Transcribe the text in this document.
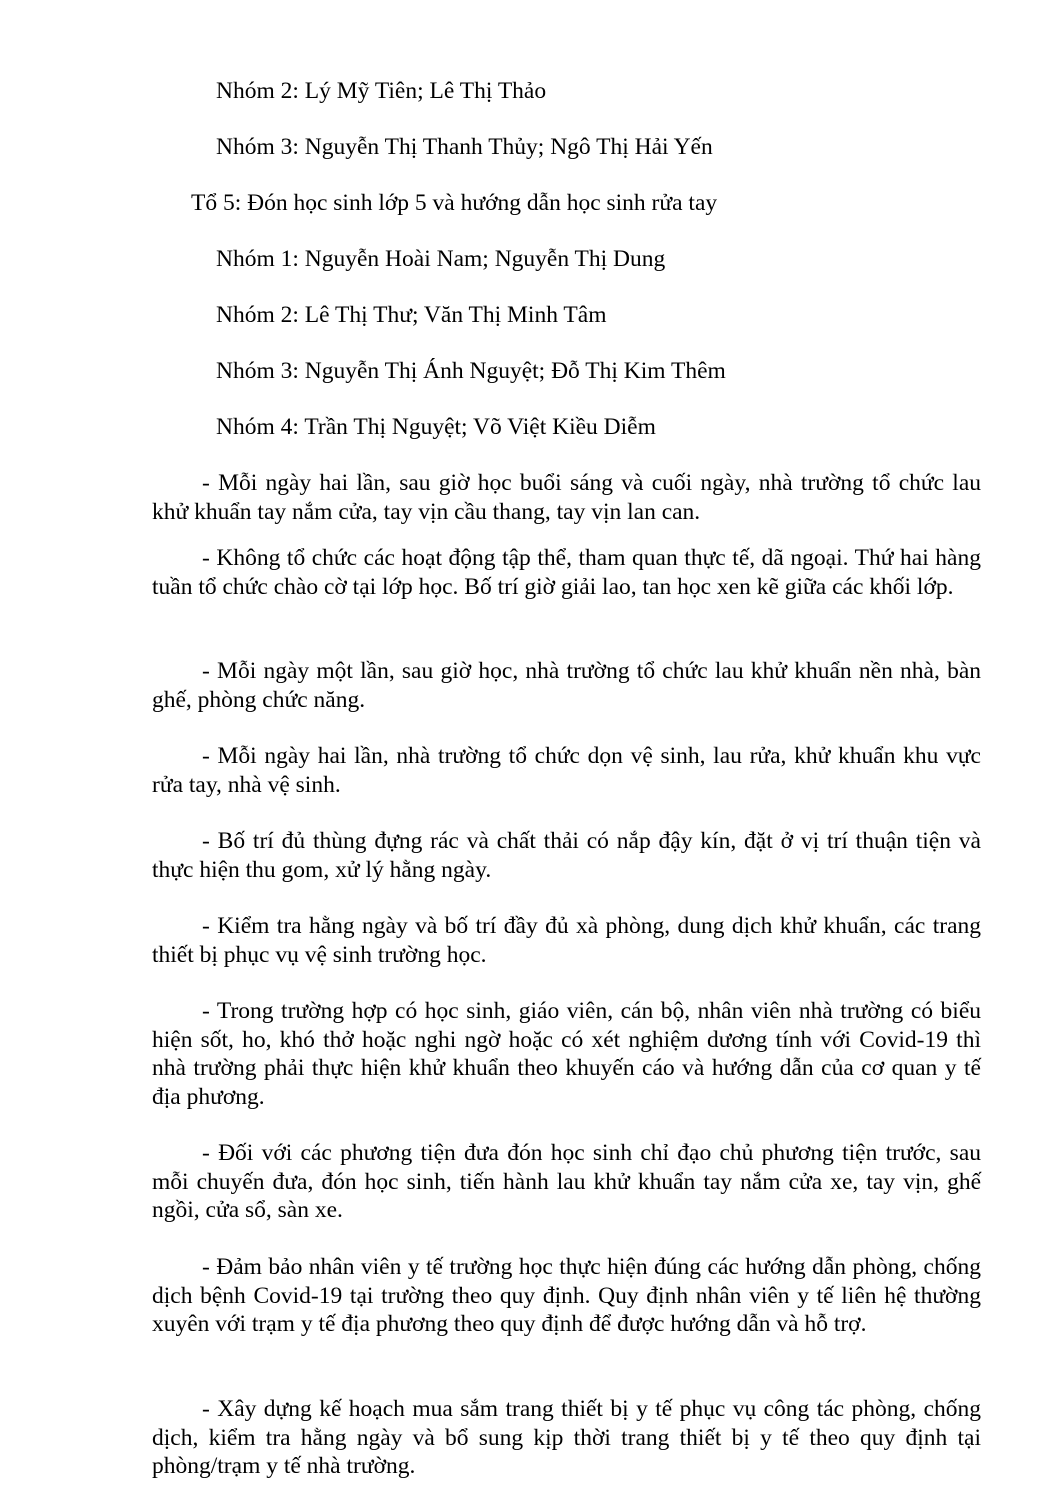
Nhóm 2: Lý Mỹ Tiên; Lê Thị Thảo
Nhóm 3: Nguyễn Thị Thanh Thủy; Ngô Thị Hải Yến
Tổ 5: Đón học sinh lớp 5 và hướng dẫn học sinh rửa tay
Nhóm 1: Nguyễn Hoài Nam; Nguyễn Thị Dung
Nhóm 2: Lê Thị Thư; Văn Thị Minh Tâm
Nhóm 3: Nguyễn Thị Ánh Nguyệt; Đỗ Thị Kim Thêm
Nhóm 4: Trần Thị Nguyệt; Võ Việt Kiều Diễm

- Mỗi ngày hai lần, sau giờ học buổi sáng và cuối ngày, nhà trường tổ chức lau khử khuẩn tay nắm cửa, tay vịn cầu thang, tay vịn lan can.

- Không tổ chức các hoạt động tập thể, tham quan thực tế, dã ngoại. Thứ hai hàng tuần tổ chức chào cờ tại lớp học. Bố trí giờ giải lao, tan học xen kẽ giữa các khối lớp.

- Mỗi ngày một lần, sau giờ học, nhà trường tổ chức lau khử khuẩn nền nhà, bàn ghế, phòng chức năng.

- Mỗi ngày hai lần, nhà trường tổ chức dọn vệ sinh, lau rửa, khử khuẩn khu vực rửa tay, nhà vệ sinh.

- Bố trí đủ thùng đựng rác và chất thải có nắp đậy kín, đặt ở vị trí thuận tiện và thực hiện thu gom, xử lý hằng ngày.

- Kiểm tra hằng ngày và bố trí đầy đủ xà phòng, dung dịch khử khuẩn, các trang thiết bị phục vụ vệ sinh trường học.

- Trong trường hợp có học sinh, giáo viên, cán bộ, nhân viên nhà trường có biểu hiện sốt, ho, khó thở hoặc nghi ngờ hoặc có xét nghiệm dương tính với Covid-19 thì nhà trường phải thực hiện khử khuẩn theo khuyến cáo và hướng dẫn của cơ quan y tế địa phương.

- Đối với các phương tiện đưa đón học sinh chỉ đạo chủ phương tiện trước, sau mỗi chuyến đưa, đón học sinh, tiến hành lau khử khuẩn tay nắm cửa xe, tay vịn, ghế ngồi, cửa sổ, sàn xe.

- Đảm bảo nhân viên y tế trường học thực hiện đúng các hướng dẫn phòng, chống dịch bệnh Covid-19 tại trường theo quy định. Quy định nhân viên y tế liên hệ thường xuyên với trạm y tế địa phương theo quy định để được hướng dẫn và hỗ trợ.

- Xây dựng kế hoạch mua sắm trang thiết bị y tế phục vụ công tác phòng, chống dịch, kiểm tra hằng ngày và bổ sung kịp thời trang thiết bị y tế theo quy định tại phòng/trạm y tế nhà trường.
